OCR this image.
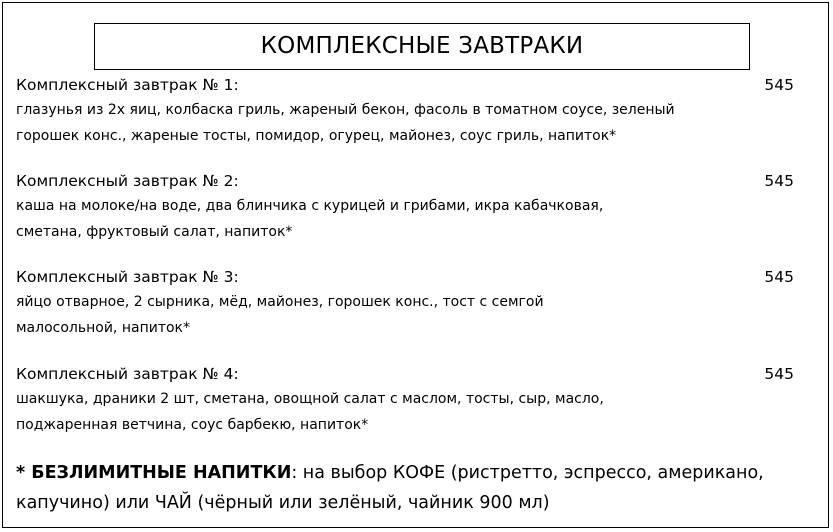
КОМПЛЕКСНЫЕ ЗАВТРАКИ
Комплексный завтрак № 1:	545
глазунья из 2х яиц, колбаска гриль, жареный бекон, фасоль в томатном соусе, зеленый
горошек конс., жареные тосты, помидор, огурец, майонез, соус гриль, напиток*
Комплексный завтрак № 2:	545
каша на молоке/на воде, два блинчика с курицей и грибами, икра кабачковая,
сметана, фруктовый салат, напиток*
Комплексный завтрак № 3:	545
яйцо отварное, 2 сырника, мёд, майонез, горошек конс., тост с семгой
малосольной, напиток*
Комплексный завтрак № 4:	545
шакшука, драники 2 шт, сметана, овощной салат с маслом, тосты, сыр, масло,
поджаренная ветчина, соус барбекю, напиток*
* БЕЗЛИМИТНЫЕ НАПИТКИ: на выбор КОФЕ (ристретто, эспрессо, американо,
капучино) или ЧАЙ (чёрный или зелёный, чайник 900 мл)
